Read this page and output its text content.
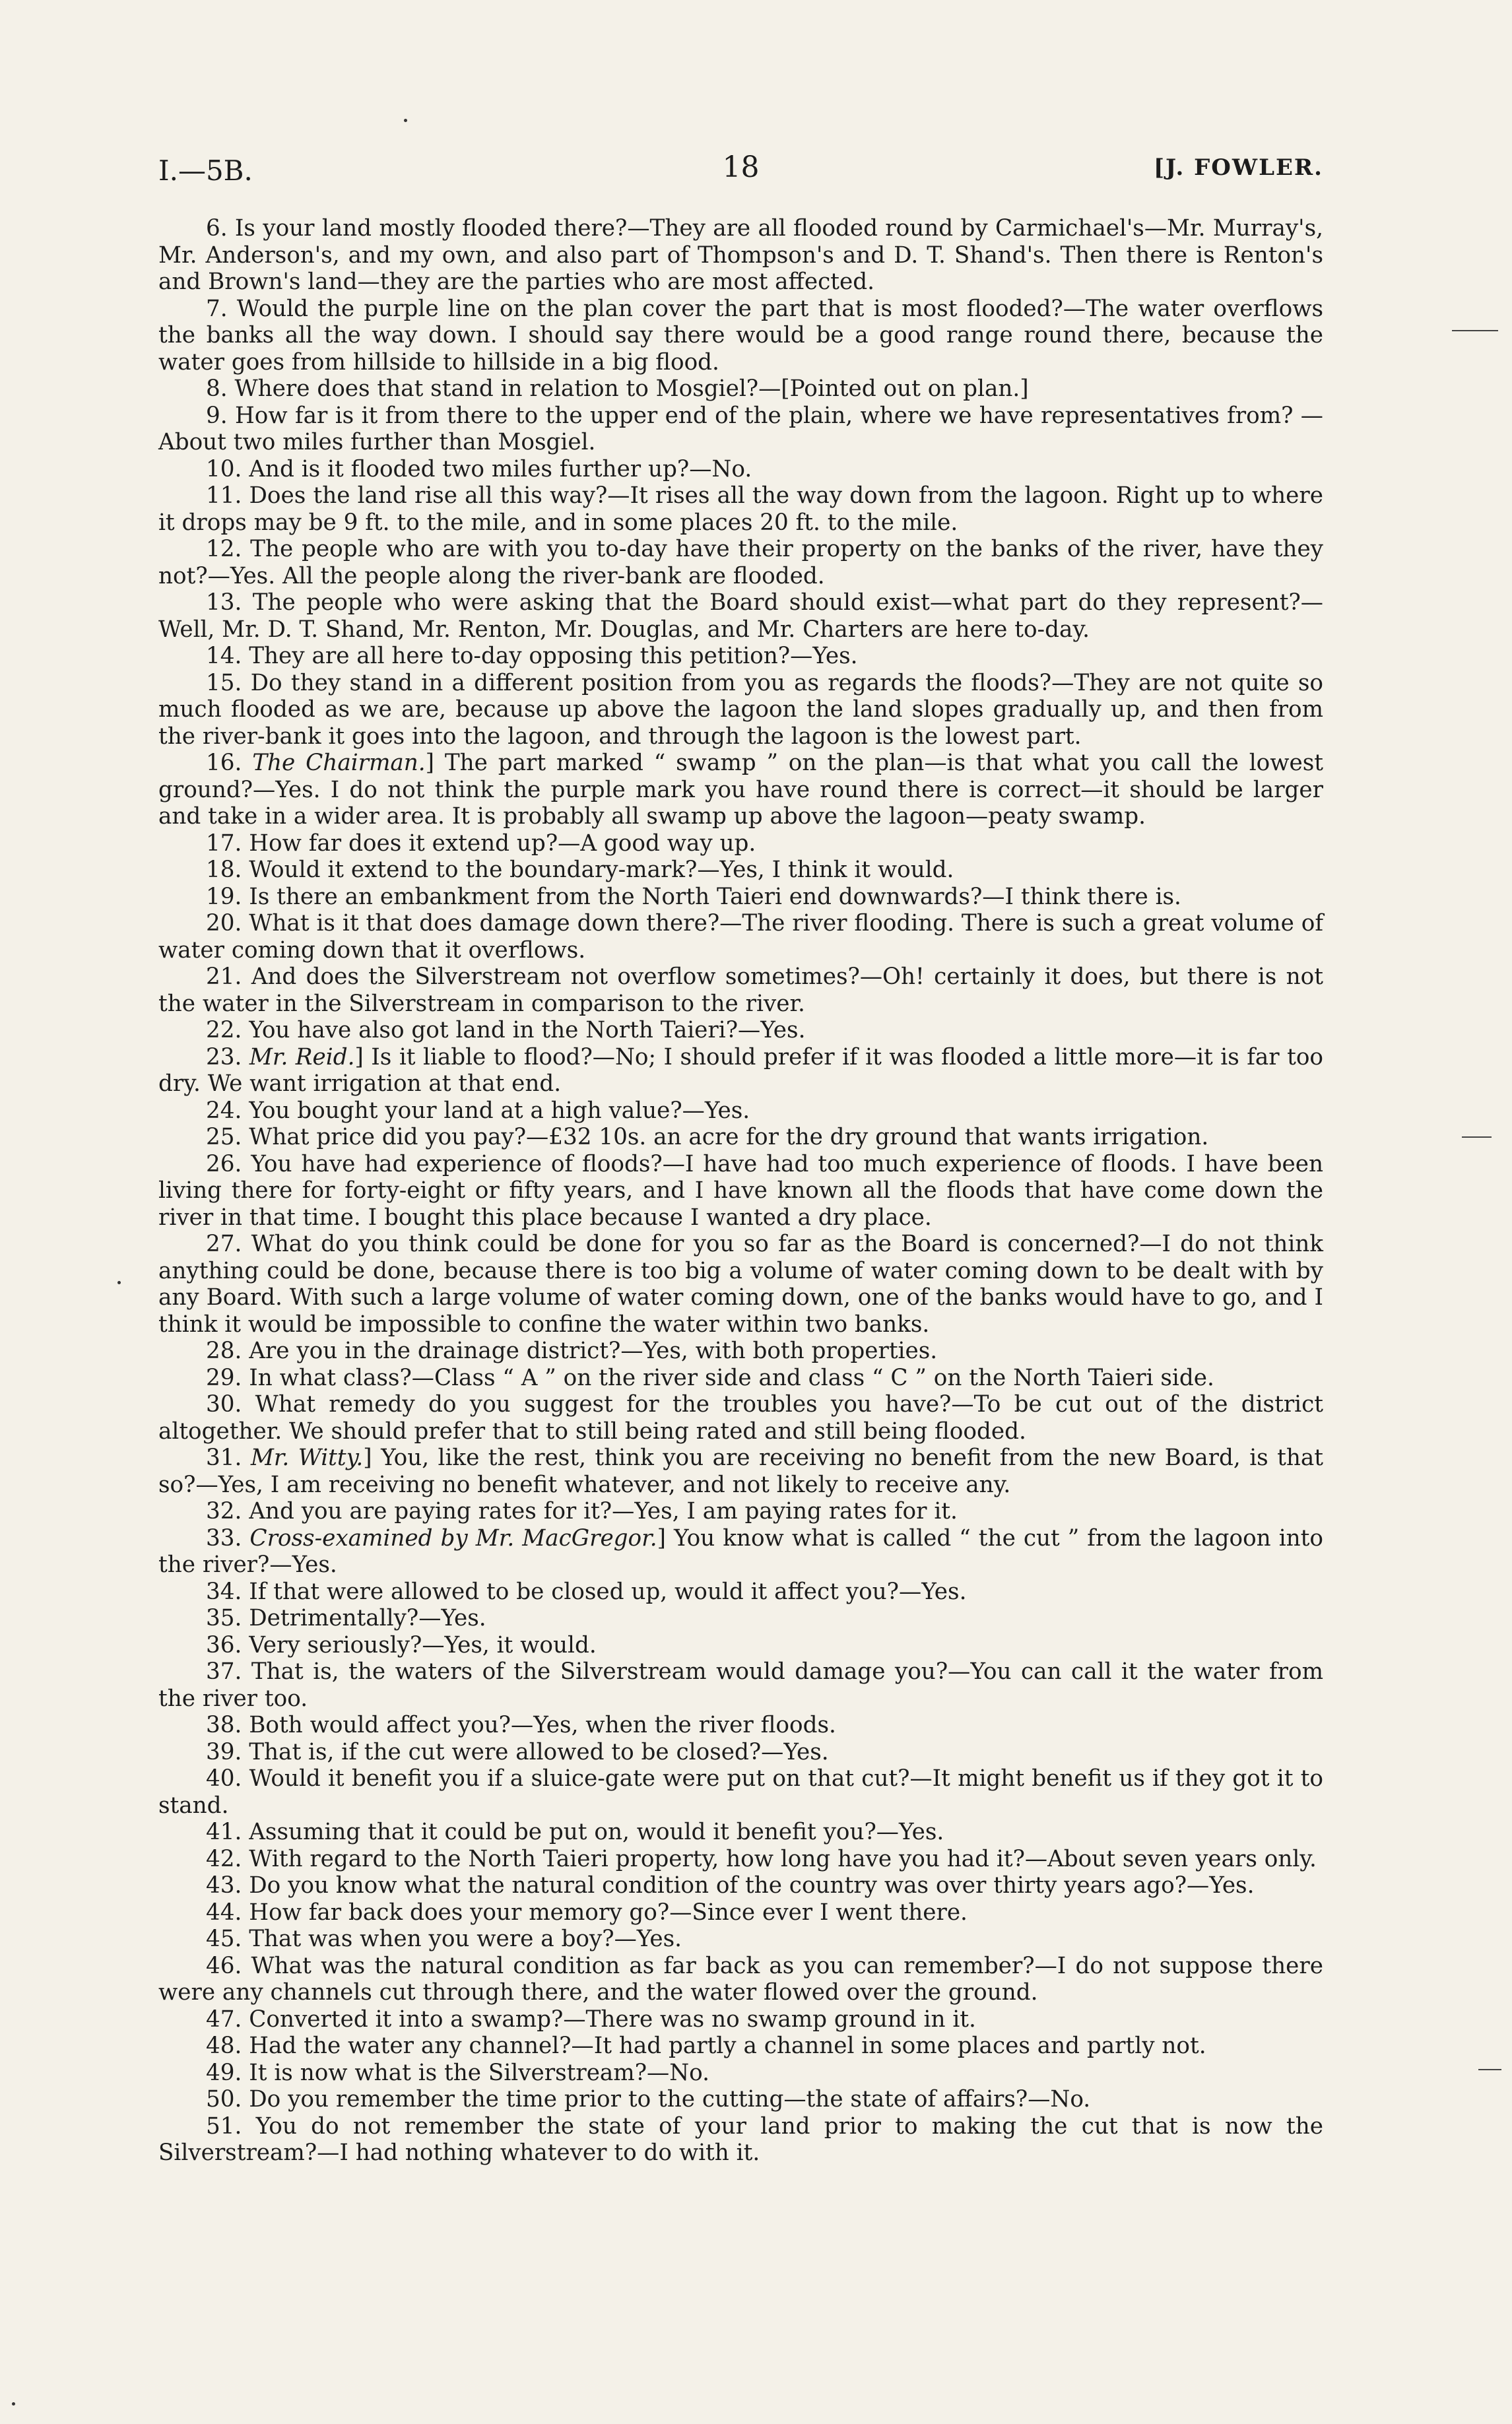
I.—5B.	18	[J. FOWLER.

6. Is your land mostly flooded there?—They are all flooded round by Carmichael's—Mr. Murray's, Mr. Anderson's, and my own, and also part of Thompson's and D. T. Shand's. Then there is Renton's and Brown's land—they are the parties who are most affected.

7. Would the purple line on the plan cover the part that is most flooded?—The water overflows the banks all the way down. I should say there would be a good range round there, because the water goes from hillside to hillside in a big flood.

8. Where does that stand in relation to Mosgiel?—[Pointed out on plan.]

9. How far is it from there to the upper end of the plain, where we have representatives from? —About two miles further than Mosgiel.

10. And is it flooded two miles further up?—No.

11. Does the land rise all this way?—It rises all the way down from the lagoon. Right up to where it drops may be 9 ft. to the mile, and in some places 20 ft. to the mile.

12. The people who are with you to-day have their property on the banks of the river, have they not?—Yes. All the people along the river-bank are flooded.

13. The people who were asking that the Board should exist—what part do they represent?—Well, Mr. D. T. Shand, Mr. Renton, Mr. Douglas, and Mr. Charters are here to-day.

14. They are all here to-day opposing this petition?—Yes.

15. Do they stand in a different position from you as regards the floods?—They are not quite so much flooded as we are, because up above the lagoon the land slopes gradually up, and then from the river-bank it goes into the lagoon, and through the lagoon is the lowest part.

16. The Chairman.] The part marked “ swamp ” on the plan—is that what you call the lowest ground?—Yes. I do not think the purple mark you have round there is correct—it should be larger and take in a wider area. It is probably all swamp up above the lagoon—peaty swamp.

17. How far does it extend up?—A good way up.

18. Would it extend to the boundary-mark?—Yes, I think it would.

19. Is there an embankment from the North Taieri end downwards?—I think there is.

20. What is it that does damage down there?—The river flooding. There is such a great volume of water coming down that it overflows.

21. And does the Silverstream not overflow sometimes?—Oh! certainly it does, but there is not the water in the Silverstream in comparison to the river.

22. You have also got land in the North Taieri?—Yes.

23. Mr. Reid.] Is it liable to flood?—No; I should prefer if it was flooded a little more—it is far too dry. We want irrigation at that end.

24. You bought your land at a high value?—Yes.

25. What price did you pay?—£32 10s. an acre for the dry ground that wants irrigation.

26. You have had experience of floods?—I have had too much experience of floods. I have been living there for forty-eight or fifty years, and I have known all the floods that have come down the river in that time. I bought this place because I wanted a dry place.

27. What do you think could be done for you so far as the Board is concerned?—I do not think anything could be done, because there is too big a volume of water coming down to be dealt with by any Board. With such a large volume of water coming down, one of the banks would have to go, and I think it would be impossible to confine the water within two banks.

28. Are you in the drainage district?—Yes, with both properties.

29. In what class?—Class “ A ” on the river side and class “ C ” on the North Taieri side.

30. What remedy do you suggest for the troubles you have?—To be cut out of the district altogether. We should prefer that to still being rated and still being flooded.

31. Mr. Witty.] You, like the rest, think you are receiving no benefit from the new Board, is that so?—Yes, I am receiving no benefit whatever, and not likely to receive any.

32. And you are paying rates for it?—Yes, I am paying rates for it.

33. Cross-examined by Mr. MacGregor.] You know what is called “ the cut ” from the lagoon into the river?—Yes.

34. If that were allowed to be closed up, would it affect you?—Yes.

35. Detrimentally?—Yes.

36. Very seriously?—Yes, it would.

37. That is, the waters of the Silverstream would damage you?—You can call it the water from the river too.

38. Both would affect you?—Yes, when the river floods.

39. That is, if the cut were allowed to be closed?—Yes.

40. Would it benefit you if a sluice-gate were put on that cut?—It might benefit us if they got it to stand.

41. Assuming that it could be put on, would it benefit you?—Yes.

42. With regard to the North Taieri property, how long have you had it?—About seven years only.

43. Do you know what the natural condition of the country was over thirty years ago?—Yes.

44. How far back does your memory go?—Since ever I went there.

45. That was when you were a boy?—Yes.

46. What was the natural condition as far back as you can remember?—I do not suppose there were any channels cut through there, and the water flowed over the ground.

47. Converted it into a swamp?—There was no swamp ground in it.

48. Had the water any channel?—It had partly a channel in some places and partly not.

49. It is now what is the Silverstream?—No.

50. Do you remember the time prior to the cutting—the state of affairs?—No.

51. You do not remember the state of your land prior to making the cut that is now the Silverstream?—I had nothing whatever to do with it.
